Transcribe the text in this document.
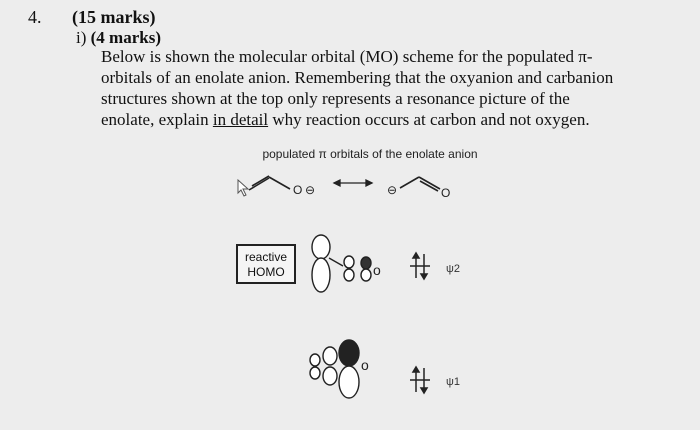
4. (15 marks)
i) (4 marks)
Below is shown the molecular orbital (MO) scheme for the populated π-
orbitals of an enolate anion. Remembering that the oxyanion and carbanion
structures shown at the top only represents a resonance picture of the
enolate, explain in detail why reaction occurs at carbon and not oxygen.
populated π orbitals of the enolate anion
reactive
HOMO
O ⊖	⊖	O
o	ψ2
o
ψ1
